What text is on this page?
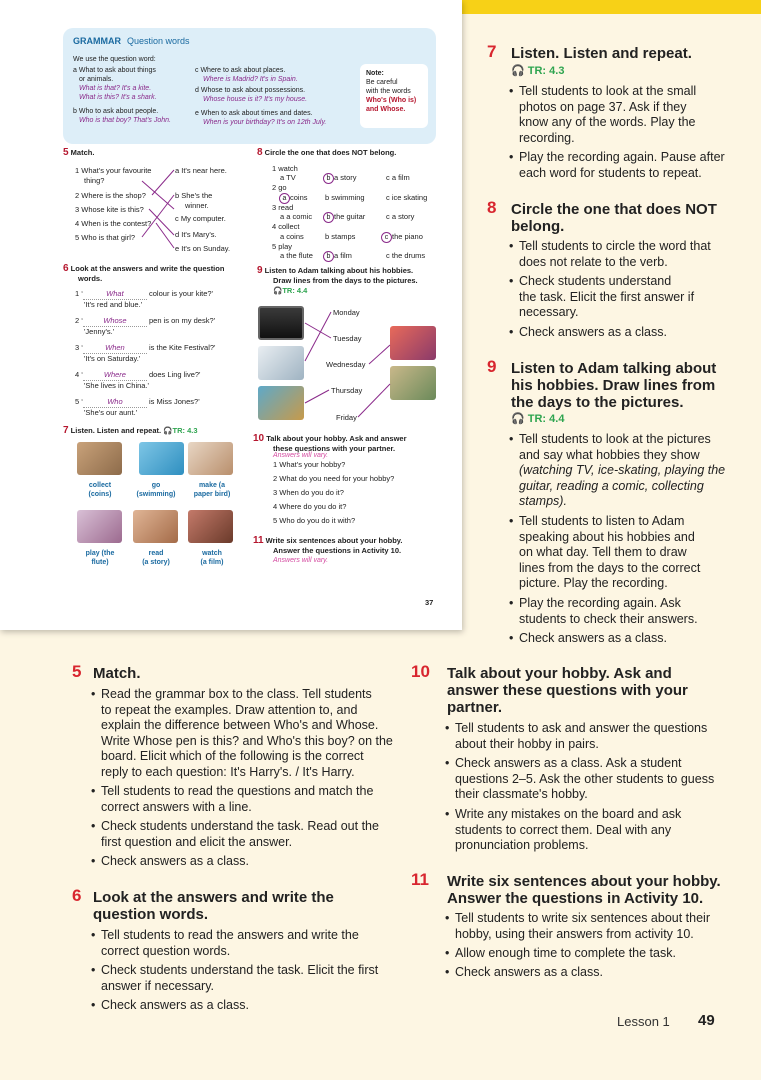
GRAMMAR Question words
We use the question word:
a What to ask about things
or animals.
What is that? It's a kite.
What is this? It's a shark.
b Who to ask about people.
Who is that boy? That's John.
c Where to ask about places.
Where is Madrid? It's in Spain.
d Whose to ask about possessions.
Whose house is it? It's my house.
e When to ask about times and dates.
When is your birthday? It's on 12th July.
Note:
Be careful
with the words
Who's (Who is)
and Whose.
5 Match.
1 What's your favourite
thing?
2 Where is the shop?
3 Whose kite is this?
4 When is the contest?
5 Who is that girl?
a It's near here.
b She's the
winner.
c My computer.
d It's Mary's.
e It's on Sunday.
6 Look at the answers and write the question
words.
1 ‘	What	colour is your kite?'
'It's red and blue.'
2 ‘	Whose	pen is on my desk?'
'Jenny's.'
3 ‘	When	is the Kite Festival?'
'It's on Saturday.'
4 ‘	Where	does Ling live?'
'She lives in China.'
5 ‘	Who	is Miss Jones?'
'She's our aunt.'
7 Listen. Listen and repeat. 🎧TR: 4.3
collect
(coins)
go
(swimming)
make (a
paper bird)
play (the
flute)
read
(a story)
watch
(a film)
8 Circle the one that does NOT belong.
1 watch
a TV	b a story	c a film
2 go
a coins b swimming	c ice skating
3 read
a a comic	b the guitar	c a story
4 collect
a coins	b stamps	c the piano
5 play
a the flute	b a film	c the drums
9 Listen to Adam talking about his hobbies.
Draw lines from the days to the pictures.
🎧TR: 4.4
Monday
Tuesday
Wednesday
Thursday
Friday
10 Talk about your hobby. Ask and answer
these questions with your partner.
Answers will vary.
1 What's your hobby?
2 What do you need for your hobby?
3 When do you do it?
4 Where do you do it?
5 Who do you do it with?
11 Write six sentences about your hobby.
Answer the questions in Activity 10.
Answers will vary.
37
7 Listen. Listen and repeat.
🎧 TR: 4.3
• Tell students to look at the small
photos on page 37. Ask if they
know any of the words. Play the
recording.
• Play the recording again. Pause after
each word for students to repeat.
8 Circle the one that does NOT
belong.
• Tell students to circle the word that
does not relate to the verb.
• Check students understand
the task. Elicit the first answer if
necessary.
• Check answers as a class.
9 Listen to Adam talking about
his hobbies. Draw lines from
the days to the pictures.
🎧 TR: 4.4
• Tell students to look at the pictures
and say what hobbies they show
(watching TV, ice-skating, playing the
guitar, reading a comic, collecting
stamps).
• Tell students to listen to Adam
speaking about his hobbies and
on what day. Tell them to draw
lines from the days to the correct
picture. Play the recording.
• Play the recording again. Ask
students to check their answers.
• Check answers as a class.
5 Match.
• Read the grammar box to the class. Tell students
to repeat the examples. Draw attention to, and
explain the difference between Who's and Whose.
Write Whose pen is this? and Who's this boy? on the
board. Elicit which of the following is the correct
reply to each question: It's Harry's. / It's Harry.
• Tell students to read the questions and match the
correct answers with a line.
• Check students understand the task. Read out the
first question and elicit the answer.
• Check answers as a class.
6 Look at the answers and write the
question words.
• Tell students to read the answers and write the
correct question words.
• Check students understand the task. Elicit the first
answer if necessary.
• Check answers as a class.
10 Talk about your hobby. Ask and
answer these questions with your
partner.
• Tell students to ask and answer the questions
about their hobby in pairs.
• Check answers as a class. Ask a student
questions 2–5. Ask the other students to guess
their classmate's hobby.
• Write any mistakes on the board and ask
students to correct them. Deal with any
pronunciation problems.
11 Write six sentences about your hobby.
Answer the questions in Activity 10.
• Tell students to write six sentences about their
hobby, using their answers from activity 10.
• Allow enough time to complete the task.
• Check answers as a class.
Lesson 1 49
